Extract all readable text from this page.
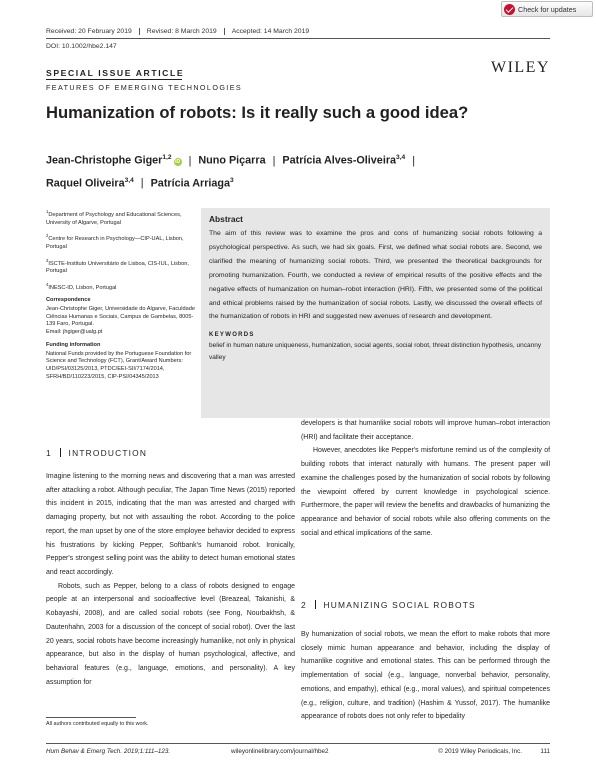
Check for updates
Received: 20 February 2019	Revised: 8 March 2019	Accepted: 14 March 2019
DOI: 10.1002/hbe2.147
SPECIAL ISSUE ARTICLE
FEATURES OF EMERGING TECHNOLOGIES
WILEY
Humanization of robots: Is it really such a good idea?
Jean-Christophe Giger$^{1,2}$iD | Nuno Piçarra | Patrícia Alves-Oliveira$^{3,4}$ |
Raquel Oliveira$^{3,4}$ | Patrícia Arriaga$^3$

$^1$Department of Psychology and Educational Sciences, University of Algarve, Portugal

$^2$Centre for Research in Psychology—CIP-UAL, Lisbon, Portugal

$^3$ISCTE-Instituto Universitário de Lisboa, CIS-IUL, Lisbon, Portugal

$^4$INESC-ID, Lisbon, Portugal

Correspondence

Jean-Christophe Giger, Universidade do Algarve, Faculdade Ciências Humanas e Sociais, Campus de Gambelas, 8005-139 Faro, Portugal.

Email: jhgiger@ualg.pt

Funding information

National Funds provided by the Portuguese Foundation for Science and Technology (FCT), Grant/Award Numbers: UID/PSI/03125/2013, PTDC/EEI-SII/7174/2014, SFRH/BD/110223/2015, CIP-PSI/04345/2013

Abstract
The aim of this review was to examine the pros and cons of humanizing social robots following a psychological perspective. As such, we had six goals. First, we defined what social robots are. Second, we clarified the meaning of humanizing social robots. Third, we presented the theoretical backgrounds for promoting humanization. Fourth, we conducted a review of empirical results of the positive effects and the negative effects of humanization on human–robot interaction (HRI). Fifth, we presented some of the political and ethical problems raised by the humanization of social robots. Lastly, we discussed the overall effects of the humanization of robots in HRI and suggested new avenues of research and development.
KEYWORDS
belief in human nature uniqueness, humanization, social agents, social robot, threat distinction hypothesis, uncanny valley
1 INTRODUCTION

Imagine listening to the morning news and discovering that a man was arrested after attacking a robot. Although peculiar, The Japan Time News (2015) reported this incident in 2015, indicating that the man was arrested and charged with damaging property, but not with assaulting the robot. According to the police report, the man upset by one of the store employee behavior decided to express his frustrations by kicking Pepper, Softbank's humanoid robot. Ironically, Pepper's strongest selling point was the ability to detect human emotional states and react accordingly.

Robots, such as Pepper, belong to a class of robots designed to engage people at an interpersonal and socioaffective level (Breazeal, Takanishi, & Kobayashi, 2008), and are called social robots (see Fong, Nourbakhsh, & Dautenhahn, 2003 for a discussion of the concept of social robot). Over the last 20 years, social robots have become increasingly humanlike, not only in physical appearance, but also in the display of human psychological, affective, and behavioral features (e.g., language, emotions, and personality). A key assumption for

developers is that humanlike social robots will improve human–robot interaction (HRI) and facilitate their acceptance.

However, anecdotes like Pepper's misfortune remind us of the complexity of building robots that interact naturally with humans. The present paper will examine the challenges posed by the humanization of social robots by following the viewpoint offered by current knowledge in psychological science. Furthermore, the paper will review the benefits and drawbacks of humanizing the appearance and behavior of social robots while also offering comments on the social and ethical implications of the same.

2 HUMANIZING SOCIAL ROBOTS

By humanization of social robots, we mean the effort to make robots that more closely mimic human appearance and behavior, including the display of humanlike cognitive and emotional states. This can be performed through the implementation of social (e.g., language, nonverbal behavior, personality, emotions, and empathy), ethical (e.g., moral values), and spiritual competences (e.g., religion, culture, and tradition) (Hashim & Yussof, 2017). The humanlike appearance of robots does not only refer to bipedality

All authors contributed equally to this work.
Hum Behav & Emerg Tech. 2019;1:111–123.	wileyonlinelibrary.com/journal/hbe2	© 2019 Wiley Periodicals, Inc.	111
